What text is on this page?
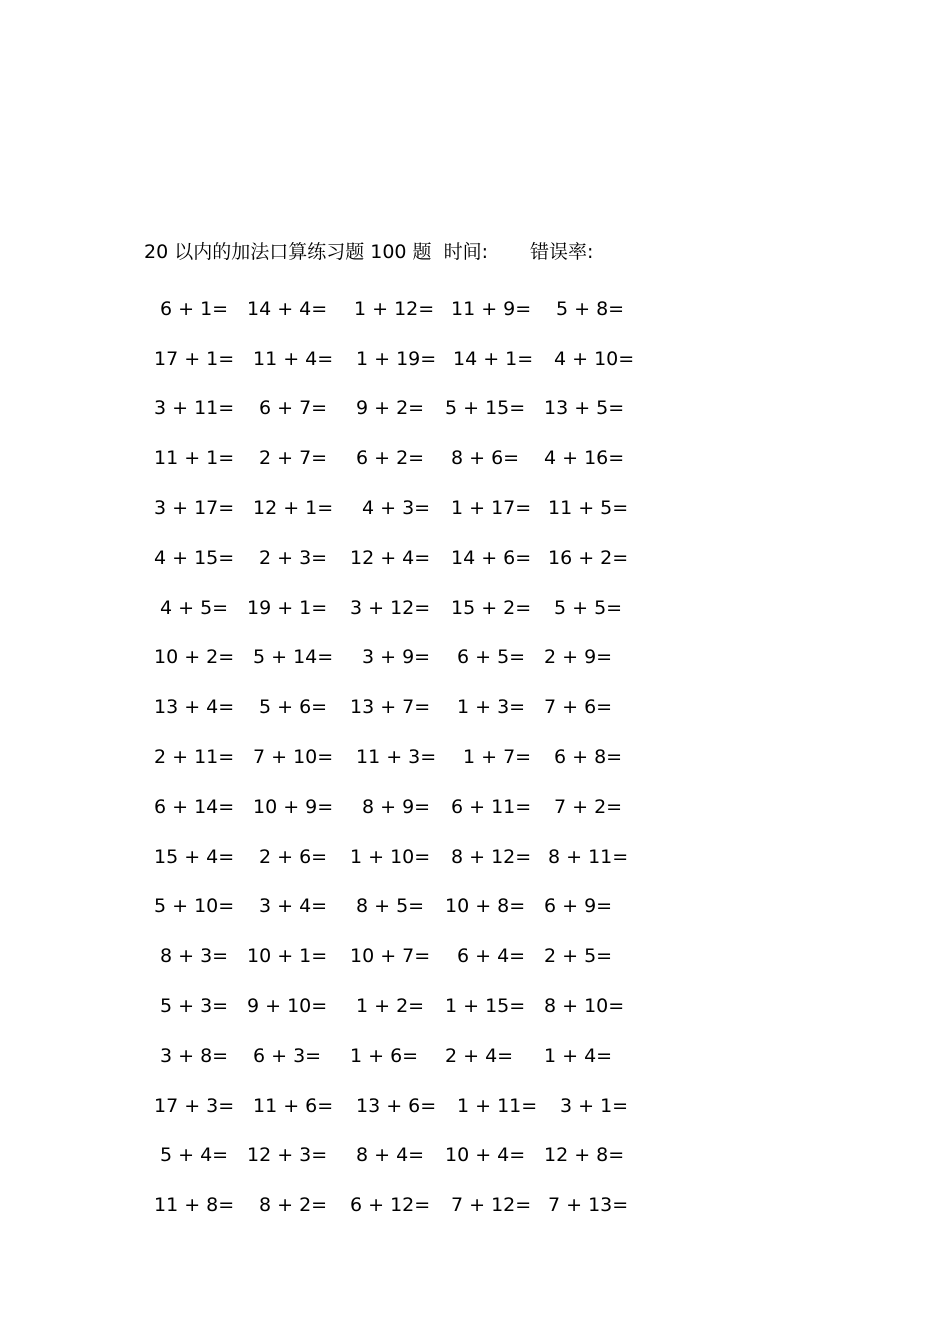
20 以内的加法口算练习题 100 题 时间: 错误率:
6 + 1= 14 + 4=	1 + 12= 11 + 9=	5 + 8=
17 + 1= 11 + 4=	1 + 19= 14 + 1=	4 + 10=
3 + 11=	6 + 7=	9 + 2=	5 + 15= 13 + 5=
11 + 1=	2 + 7=	6 + 2=	8 + 6=	4 + 16=
3 + 17= 12 + 1=	4 + 3=	1 + 17= 11 + 5=
4 + 15=	2 + 3=	12 + 4=	14 + 6= 16 + 2=
4 + 5= 19 + 1=	3 + 12=	15 + 2=	5 + 5=
10 + 2= 5 + 14=	3 + 9=	6 + 5= 2 + 9=
13 + 4=	5 + 6=	13 + 7=	1 + 3= 7 + 6=
2 + 11= 7 + 10=	11 + 3=	1 + 7=	6 + 8=
6 + 14= 10 + 9=	8 + 9=	6 + 11=	7 + 2=
15 + 4=	2 + 6=	1 + 10=	8 + 12= 8 + 11=
5 + 10=	3 + 4=	8 + 5=	10 + 8= 6 + 9=
8 + 3= 10 + 1=	10 + 7=	6 + 4= 2 + 5=
5 + 3= 9 + 10=	1 + 2=	1 + 15= 8 + 10=
3 + 8=	6 + 3=	1 + 6=	2 + 4=	1 + 4=
17 + 3= 11 + 6=	13 + 6=	1 + 11=	3 + 1=
5 + 4= 12 + 3=	8 + 4=	10 + 4= 12 + 8=
11 + 8=	8 + 2=	6 + 12=	7 + 12= 7 + 13=
